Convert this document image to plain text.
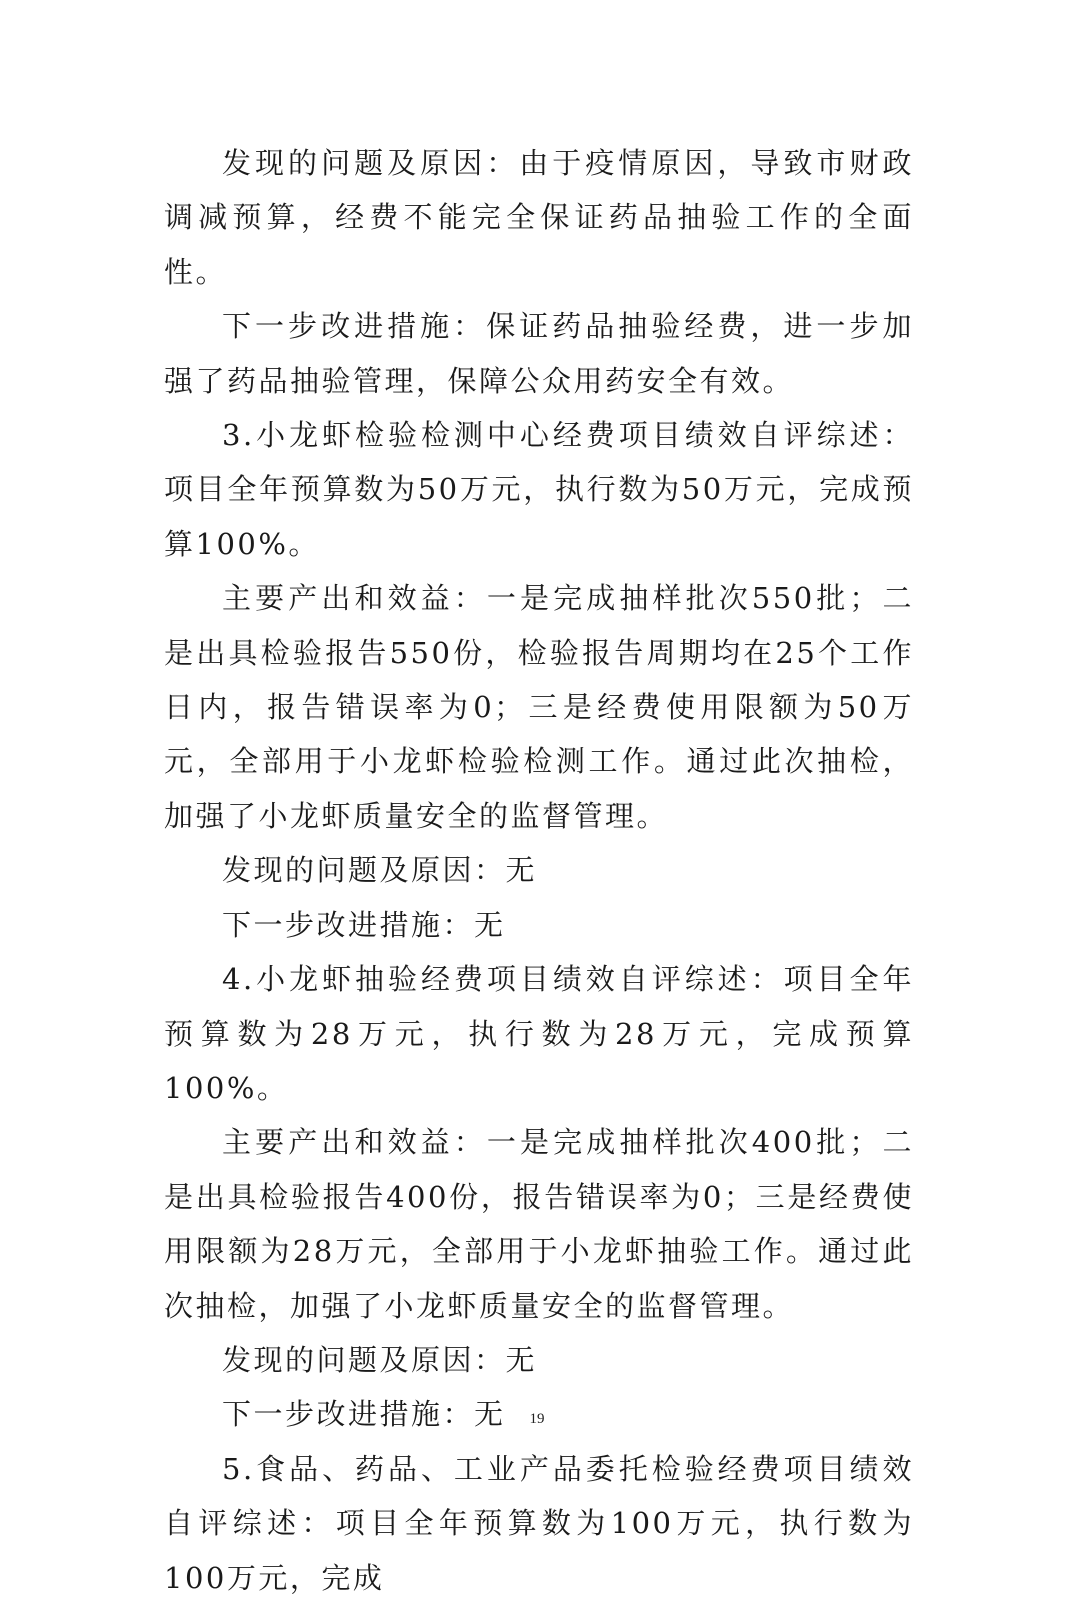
发现的问题及原因：由于疫情原因，导致市财政调减预算，经费不能完全保证药品抽验工作的全面性。

下一步改进措施：保证药品抽验经费，进一步加强了药品抽验管理，保障公众用药安全有效。

3.小龙虾检验检测中心经费项目绩效自评综述：项目全年预算数为50万元，执行数为50万元，完成预算100%。

主要产出和效益：一是完成抽样批次550批；二是出具检验报告550份，检验报告周期均在25个工作日内，报告错误率为0；三是经费使用限额为50万元，全部用于小龙虾检验检测工作。通过此次抽检，加强了小龙虾质量安全的监督管理。

发现的问题及原因：无

下一步改进措施：无

4.小龙虾抽验经费项目绩效自评综述：项目全年预算数为28万元，执行数为28万元，完成预算100%。

主要产出和效益：一是完成抽样批次400批；二是出具检验报告400份，报告错误率为0；三是经费使用限额为28万元，全部用于小龙虾抽验工作。通过此次抽检，加强了小龙虾质量安全的监督管理。

发现的问题及原因：无

下一步改进措施：无

5.食品、药品、工业产品委托检验经费项目绩效自评综述：项目全年预算数为100万元，执行数为100万元，完成

19
